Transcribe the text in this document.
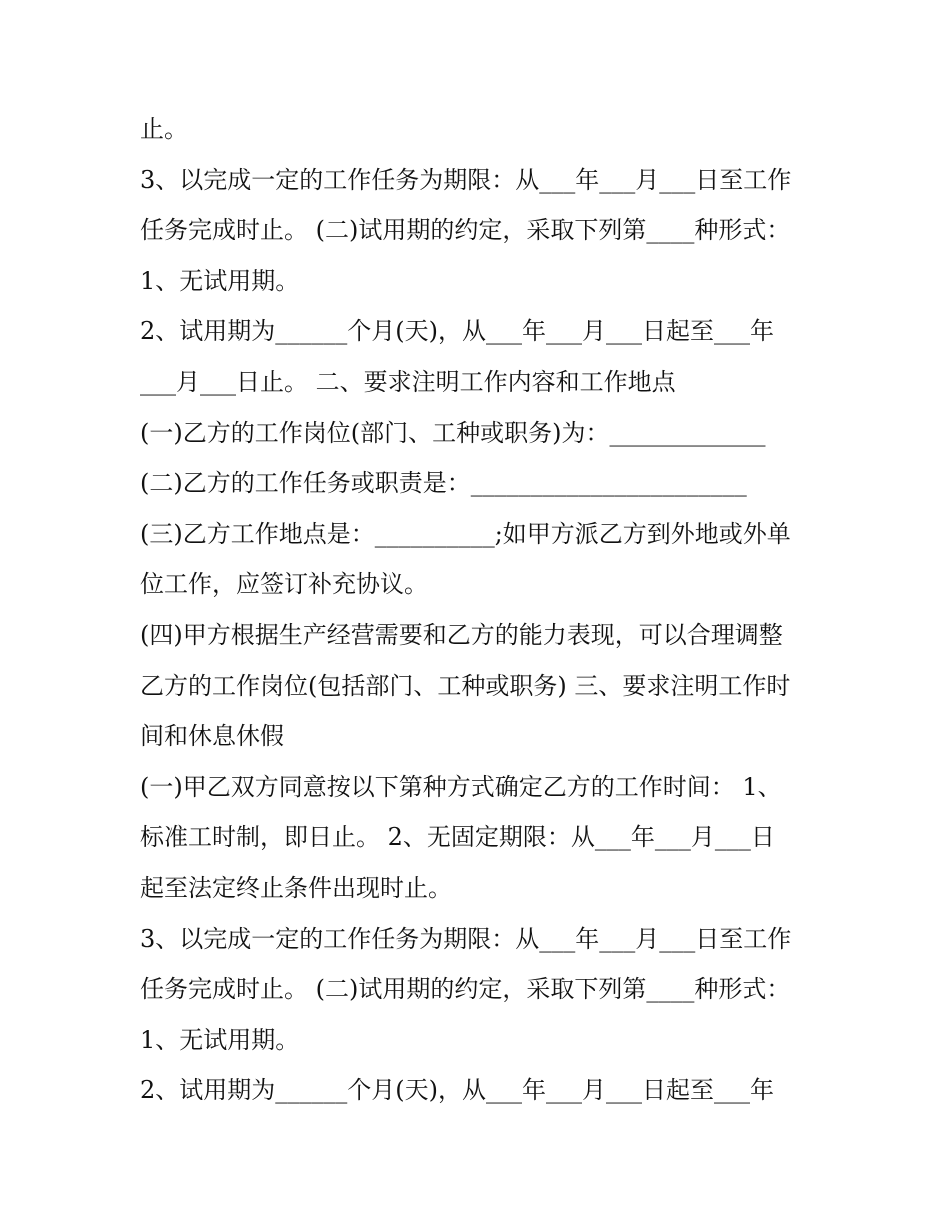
止。
3、以完成一定的工作任务为期限：从___年___月___日至工作
任务完成时止。 (二)试用期的约定，采取下列第____种形式：
1、无试用期。
2、试用期为______个月(天)，从___年___月___日起至___年
___月___日止。 二、要求注明工作内容和工作地点
(一)乙方的工作岗位(部门、工种或职务)为：_____________
(二)乙方的工作任务或职责是：_______________________
(三)乙方工作地点是：__________;如甲方派乙方到外地或外单
位工作，应签订补充协议。
(四)甲方根据生产经营需要和乙方的能力表现，可以合理调整
乙方的工作岗位(包括部门、工种或职务) 三、要求注明工作时
间和休息休假
(一)甲乙双方同意按以下第种方式确定乙方的工作时间： 1、
标准工时制，即日止。 2、无固定期限：从___年___月___日
起至法定终止条件出现时止。
3、以完成一定的工作任务为期限：从___年___月___日至工作
任务完成时止。 (二)试用期的约定，采取下列第____种形式：
1、无试用期。
2、试用期为______个月(天)，从___年___月___日起至___年
